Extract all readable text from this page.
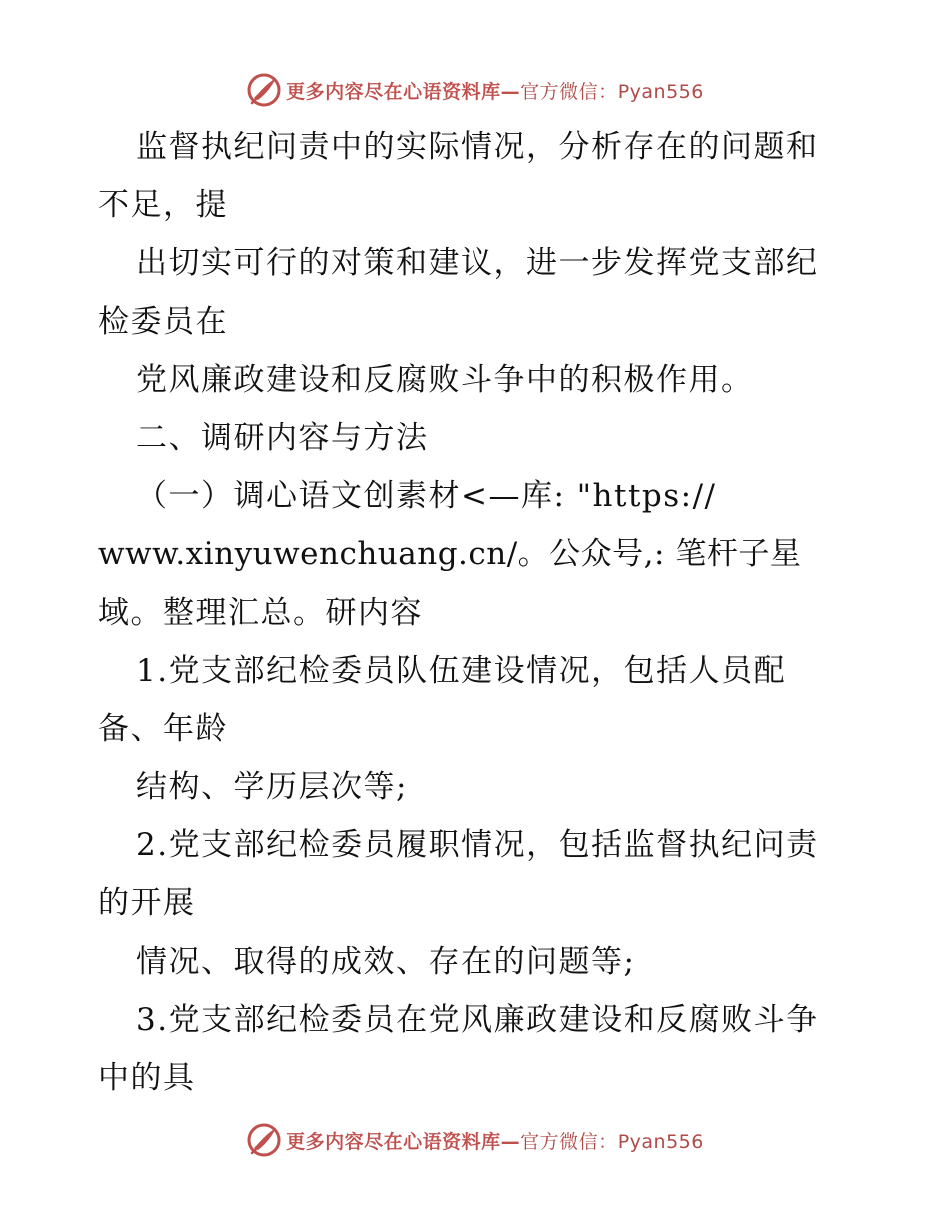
更多内容尽在心语资料库—官方微信：Pyan556
监督执纪问责中的实际情况，分析存在的问题和
不足，提
出切实可行的对策和建议，进一步发挥党支部纪
检委员在
党风廉政建设和反腐败斗争中的积极作用。
二、调研内容与方法
（一）调心语文创素材<—库: "https://
www.xinyuwenchuang.cn/。公众号,: 笔杆子星
域。整理汇总。研内容
1.党支部纪检委员队伍建设情况，包括人员配
备、年龄
结构、学历层次等;
2.党支部纪检委员履职情况，包括监督执纪问责
的开展
情况、取得的成效、存在的问题等;
3.党支部纪检委员在党风廉政建设和反腐败斗争
中的具
更多内容尽在心语资料库—官方微信：Pyan556
